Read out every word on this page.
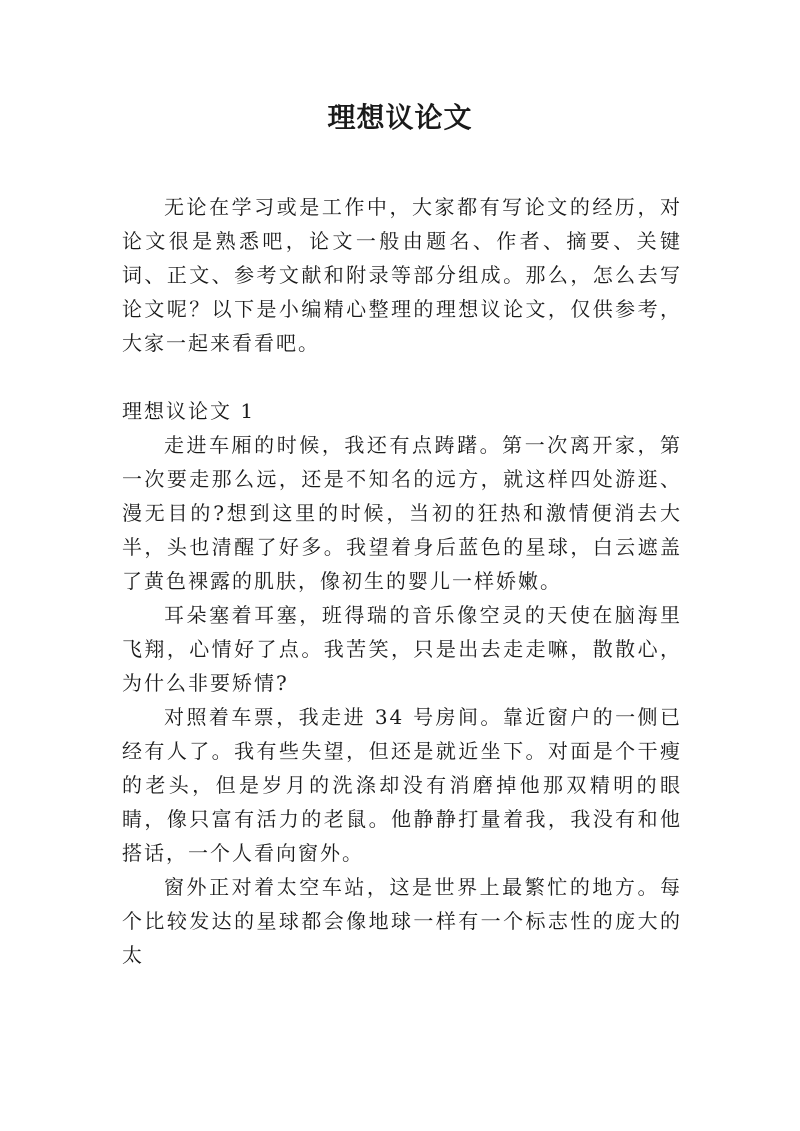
理想议论文

无论在学习或是工作中，大家都有写论文的经历，对论文很是熟悉吧，论文一般由题名、作者、摘要、关键词、正文、参考文献和附录等部分组成。那么，怎么去写论文呢？以下是小编精心整理的理想议论文，仅供参考，大家一起来看看吧。

理想议论文 1

走进车厢的时候，我还有点踌躇。第一次离开家，第一次要走那么远，还是不知名的远方，就这样四处游逛、漫无目的?想到这里的时候，当初的狂热和激情便消去大半，头也清醒了好多。我望着身后蓝色的星球，白云遮盖了黄色裸露的肌肤，像初生的婴儿一样娇嫩。

耳朵塞着耳塞，班得瑞的音乐像空灵的天使在脑海里飞翔，心情好了点。我苦笑，只是出去走走嘛，散散心，为什么非要矫情?

对照着车票，我走进 34 号房间。靠近窗户的一侧已经有人了。我有些失望，但还是就近坐下。对面是个干瘦的老头，但是岁月的洗涤却没有消磨掉他那双精明的眼睛，像只富有活力的老鼠。他静静打量着我，我没有和他搭话，一个人看向窗外。

窗外正对着太空车站，这是世界上最繁忙的地方。每个比较发达的星球都会像地球一样有一个标志性的庞大的太
